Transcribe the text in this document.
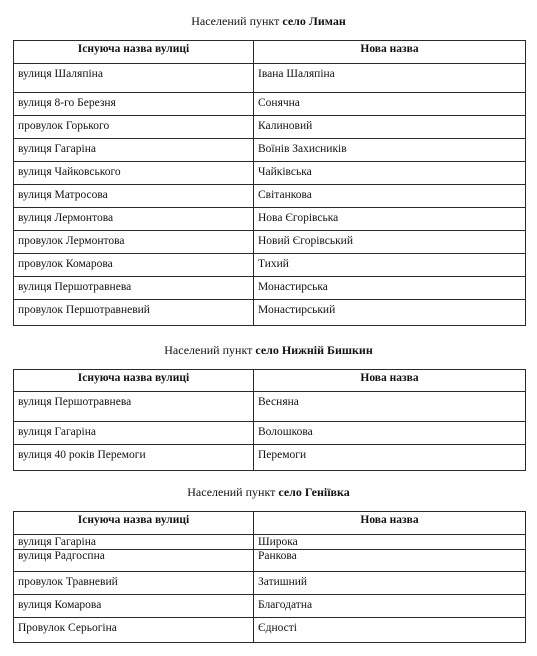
Населений пункт село Лиман
Існуюча назва вулиці	Нова назва
вулиця Шаляпіна	Івана Шаляпіна
вулиця 8-го Березня	Сонячна
провулок Горького	Калиновий
вулиця Гагаріна	Воїнів Захисників
вулиця Чайковського	Чайківська
вулиця Матросова	Світанкова
вулиця Лермонтова	Нова Єгорівська
провулок Лермонтова	Новий Єгорівський
провулок Комарова	Тихий
вулиця Першотравнева	Монастирська
провулок Першотравневий	Монастирський
Населений пункт село Нижній Бишкин
Існуюча назва вулиці	Нова назва
вулиця Першотравнева	Весняна
вулиця Гагаріна	Волошкова
вулиця 40 років Перемоги	Перемоги
Населений пункт село Геніївка
Існуюча назва вулиці	Нова назва
вулиця Гагаріна	Широка
вулиця Радгоспна	Ранкова
провулок Травневий	Затишний
вулиця Комарова	Благодатна
Провулок Серьогіна	Єдності
